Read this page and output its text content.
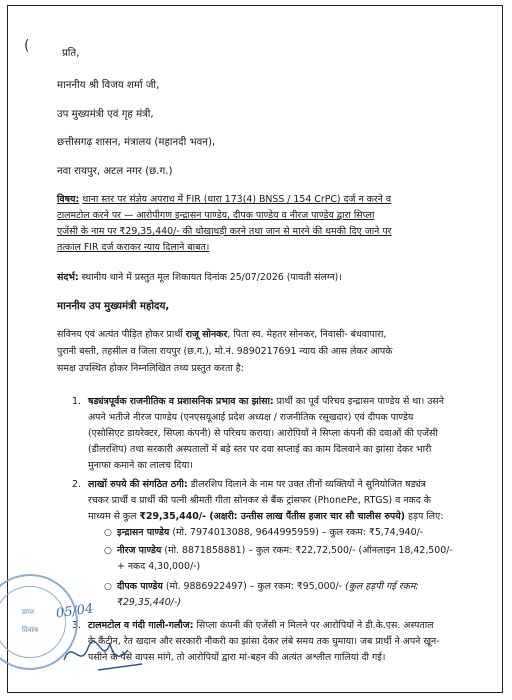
(	प्रति,
माननीय श्री विजय शर्मा जी,
उप मुख्यमंत्री एवं गृह मंत्री,
छत्तीसगढ़ शासन, मंत्रालय (महानदी भवन),
नवा रायपुर, अटल नगर (छ.ग.)
विषय: थाना स्तर पर संज्ञेय अपराध में FIR (धारा 173(4) BNSS / 154 CrPC) दर्ज न करने व
टालमटोल करने पर — आरोपीगण इन्द्रासन पाण्डेय, दीपक पाण्डेय व नीरज पाण्डेय द्वारा सिप्ला
एजेंसी के नाम पर ₹29,35,440/- की धोखाधड़ी करने तथा जान से मारने की धमकी दिए जाने पर
तत्काल FIR दर्ज कराकर न्याय दिलाने बाबत।
संदर्भ: स्थानीय थाने में प्रस्तुत मूल शिकायत दिनांक 25/07/2026 (पावती संलग्न)।
माननीय उप मुख्यमंत्री महोदय,
सविनय एवं अत्यंत पीड़ित होकर प्रार्थी राजू सोनकर, पिता स्व. मेहतर सोनकर, निवासी- बंधवापारा,
पुरानी बस्ती, तहसील व जिला रायपुर (छ.ग.), मो.नं. 9890217691 न्याय की आस लेकर आपके
समक्ष उपस्थित होकर निम्नलिखित तथ्य प्रस्तुत करता है:
1. षड्यंत्रपूर्वक राजनीतिक व प्रशासनिक प्रभाव का झांसा: प्रार्थी का पूर्व परिचय इन्द्रासन पाण्डेय से था। उसने
अपने भतीजे नीरज पाण्डेय (एनएसयूआई प्रदेश अध्यक्ष / राजनीतिक रसूखदार) एवं दीपक पाण्डेय
(एसोसिएट डायरेक्टर, सिप्ला कंपनी) से परिचय कराया। आरोपियों ने सिप्ला कंपनी की दवाओं की एजेंसी
(डीलरशिप) तथा सरकारी अस्पतालों में बड़े स्तर पर दवा सप्लाई का काम दिलवाने का झांसा देकर भारी
मुनाफा कमाने का लालच दिया।
2. लाखों रुपये की संगठित ठगी: डीलरशिप दिलाने के नाम पर उक्त तीनों व्यक्तियों ने सुनियोजित षड्यंत्र
रचकर प्रार्थी व प्रार्थी की पत्नी श्रीमती गीता सोनकर से बैंक ट्रांसफर (PhonePe, RTGS) व नकद के
माध्यम से कुल ₹29,35,440/- (अक्षरी: उन्तीस लाख पैंतीस हजार चार सौ चालीस रुपये) हड़प लिए:
○ इन्द्रासन पाण्डेय (मो. 7974013088, 9644995959) – कुल रकम: ₹5,74,940/-
○ नीरज पाण्डेय (मो. 8871858881) – कुल रकम: ₹22,72,500/- (ऑनलाइन 18,42,500/-
+ नकद 4,30,000/-)
○ दीपक पाण्डेय (मो. 9886922497) – कुल रकम: ₹95,000/- (कुल हड़पी गई रकम:
₹29,35,440/-)
3. टालमटोल व गंदी गाली-गलौज: सिप्ला कंपनी की एजेंसी न मिलने पर आरोपियों ने डी.के.एस. अस्पताल
के कैंटीन, रेत खदान और सरकारी नौकरी का झांसा देकर लंबे समय तक घुमाया। जब प्रार्थी ने अपने खून-
पसीने के पैसे वापस मांगे, तो आरोपियों द्वारा मां-बहन की अत्यंत अश्लील गालियां दी गई।
प्राप्त
दिनांक
05/04
